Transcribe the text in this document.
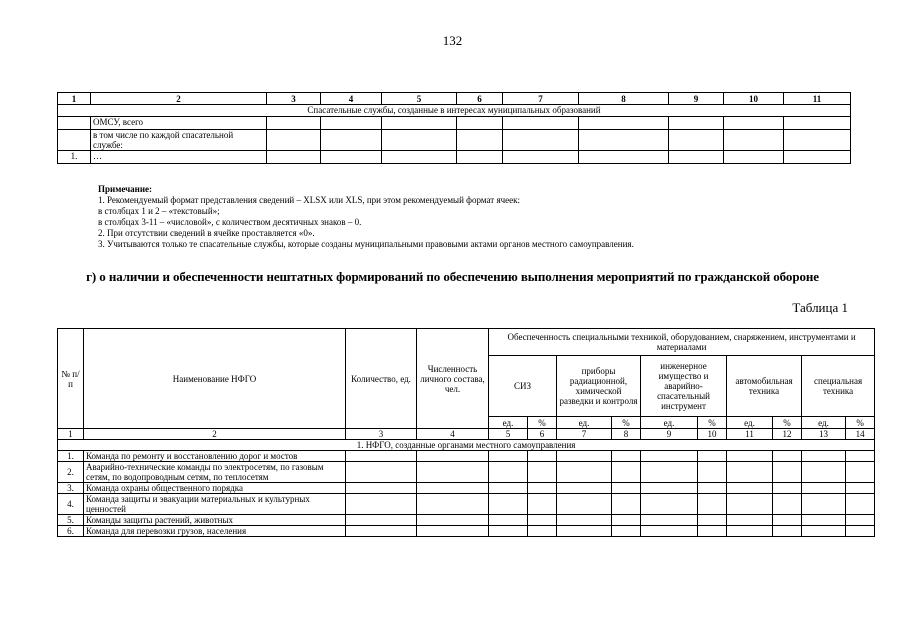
132
1	2	3	4	5	6	7	8	9	10	11
Спасательные службы, созданные в интересах муниципальных образований										
	ОМСУ, всего									
	в том числе по каждой спасательной службе:									
1.	…									
Примечание:
1. Рекомендуемый формат представления сведений – XLSX или XLS, при этом рекомендуемый формат ячеек:
в столбцах 1 и 2 – «текстовый»;
в столбцах 3-11 – «числовой», с количеством десятичных знаков – 0.
2. При отсутствии сведений в ячейке проставляется «0».
3. Учитываются только те спасательные службы, которые созданы муниципальными правовыми актами органов местного самоуправления.
г) о наличии и обеспеченности нештатных формирований по обеспечению выполнения мероприятий по гражданской обороне
Таблица 1
№ п/п	Наименование НФГО	Количество, ед.	Численность личного состава, чел.	Обеспеченность специальными техникой, оборудованием, снаряжением, инструментами и материалами									
				СИЗ		приборы радиационной, химической разведки и контроля		инженерное имущество и аварийно-спасательный инструмент		автомобильная техника		специальная техника	
				ед.	%	ед.	%	ед.	%	ед.	%	ед.	%
1	2	3	4	5	6	7	8	9	10	11	12	13	14
1. НФГО, созданные органами местного самоуправления													
1.	Команда по ремонту и восстановлению дорог и мостов												
2.	Аварийно-технические команды по электросетям, по газовым сетям, по водопроводным сетям, по теплосетям												
3.	Команда охраны общественного порядка												
4.	Команда защиты и эвакуации материальных и культурных ценностей												
5.	Команды защиты растений, животных												
6.	Команда для перевозки грузов, населения												
